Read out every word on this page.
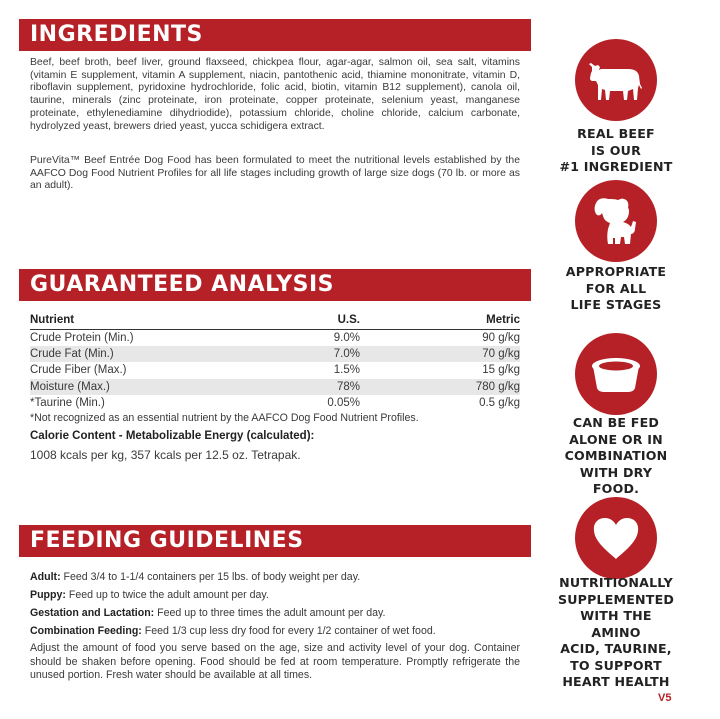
INGREDIENTS

Beef, beef broth, beef liver, ground flaxseed, chickpea flour, agar-agar, salmon oil, sea salt, vitamins (vitamin E supplement, vitamin A supplement, niacin, pantothenic acid, thiamine mononitrate, vitamin D, riboflavin supplement, pyridoxine hydrochloride, folic acid, biotin, vitamin B12 supplement), canola oil, taurine, minerals (zinc proteinate, iron proteinate, copper proteinate, selenium yeast, manganese proteinate, ethylenediamine dihydriodide), potassium chloride, choline chloride, calcium carbonate, hydrolyzed yeast, brewers dried yeast, yucca schidigera extract.

PureVita™ Beef Entrée Dog Food has been formulated to meet the nutritional levels established by the AAFCO Dog Food Nutrient Profiles for all life stages including growth of large size dogs (70 lb. or more as an adult).

GUARANTEED ANALYSIS
Nutrient	U.S.	Metric
Crude Protein (Min.)	9.0%	90 g/kg
Crude Fat (Min.)	7.0%	70 g/kg
Crude Fiber (Max.)	1.5%	15 g/kg
Moisture (Max.)	78%	780 g/kg
*Taurine (Min.)	0.05%	0.5 g/kg

*Not recognized as an essential nutrient by the AAFCO Dog Food Nutrient Profiles.

Calorie Content - Metabolizable Energy (calculated):

1008 kcals per kg, 357 kcals per 12.5 oz. Tetrapak.

FEEDING GUIDELINES
Adult: Feed 3/4 to 1-1/4 containers per 15 lbs. of body weight per day.
Puppy: Feed up to twice the adult amount per day.
Gestation and Lactation: Feed up to three times the adult amount per day.
Combination Feeding: Feed 1/3 cup less dry food for every 1/2 container of wet food.

Adjust the amount of food you serve based on the age, size and activity level of your dog. Container should be shaken before opening. Food should be fed at room temperature. Promptly refrigerate the unused portion. Fresh water should be available at all times.

REAL BEEF
IS OUR
#1 INGREDIENT
APPROPRIATE
FOR ALL
LIFE STAGES
CAN BE FED
ALONE OR IN
COMBINATION
WITH DRY FOOD.
NUTRITIONALLY
SUPPLEMENTED
WITH THE AMINO
ACID, TAURINE,
TO SUPPORT
HEART HEALTH
V5
